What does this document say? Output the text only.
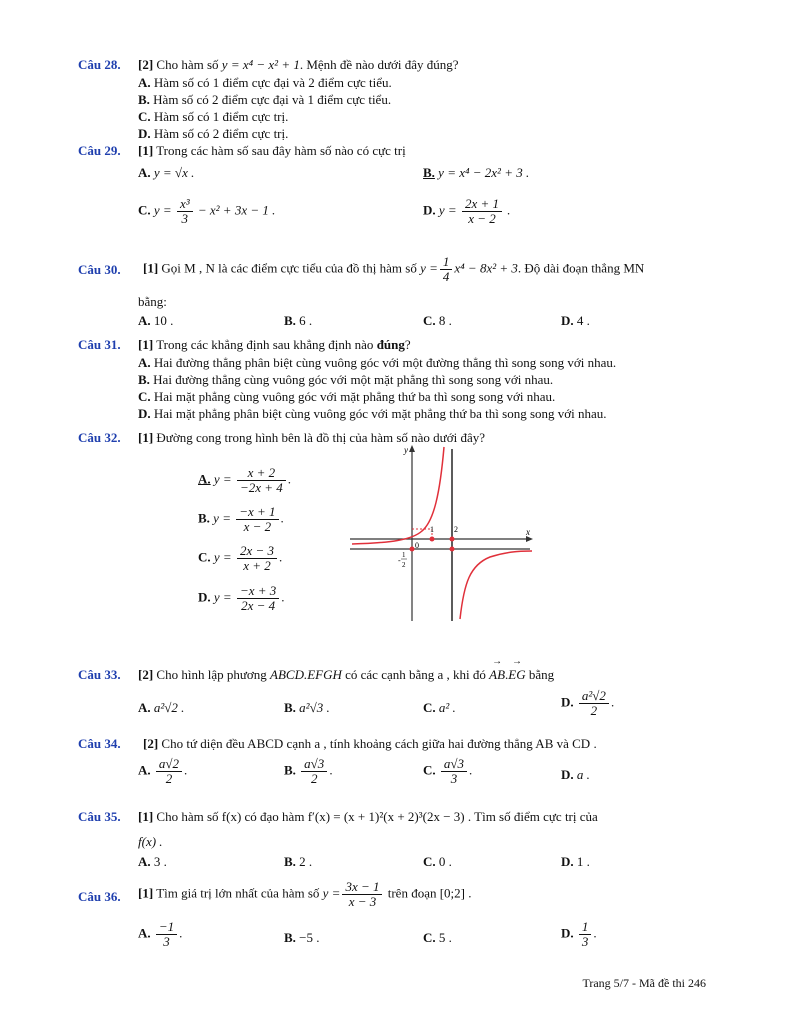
Câu 28. [2] Cho hàm số y = x⁴ − x² + 1. Mệnh đề nào dưới đây đúng?
A. Hàm số có 1 điểm cực đại và 2 điểm cực tiểu.
B. Hàm số có 2 điểm cực đại và 1 điểm cực tiểu.
C. Hàm số có 1 điểm cực trị.
D. Hàm số có 2 điểm cực trị.
Câu 29. [1] Trong các hàm số sau đây hàm số nào có cực trị
A. y = √x .	B. y = x⁴ − 2x² + 3 .
C. $y = \frac{\text{x³}}{3} - x^2 + 3x - 1$ .	D. $y = \frac{2x + 1}{x - 2}$ .
Câu 30. [1] Gọi M , N là các điểm cực tiểu của đồ thị hàm số $y = \frac{1}{4} x^4 - 8x^2 + 3$. Độ dài đoạn thẳng MN
bằng:
A. 10 .	B. 6 .	C. 8 .	D. 4 .
Câu 31. [1] Trong các khẳng định sau khẳng định nào đúng?
A. Hai đường thẳng phân biệt cùng vuông góc với một đường thẳng thì song song với nhau.
B. Hai đường thẳng cùng vuông góc với một mặt phẳng thì song song với nhau.
C. Hai mặt phẳng cùng vuông góc với mặt phẳng thứ ba thì song song với nhau.
D. Hai mặt phẳng phân biệt cùng vuông góc với mặt phẳng thứ ba thì song song với nhau.
Câu 32. [1] Đường cong trong hình bên là đồ thị của hàm số nào dưới đây?
A. $y = \frac{x + 2}{-2x + 4}$ .
B. $y = \frac{-x + 1}{x - 2}$ .
C. $y = \frac{2x - 3}{x + 2}$ .
D. $y = \frac{-x + 3}{2x - 4}$ .
y
x
1	2
0
-
1
2
Câu 33. [2] Cho hình lập phương ABCD.EFGH có các cạnh bằng a , khi đó → AB.→ EG bằng
A. a²√2 .	B. a²√3 .	C. a² .	D. $\frac{\text{a²√2}}{2}$ .
Câu 34. [2] Cho tứ diện đều ABCD cạnh a , tính khoảng cách giữa hai đường thẳng AB và CD .
A. $\frac{a√2}{2}$ .	B. $\frac{a√3}{2}$ .	C. $\frac{a√3}{3}$ .	D. a .
Câu 35. [1] Cho hàm số f(x) có đạo hàm f′(x) = (x + 1)²(x + 2)³(2x − 3) . Tìm số điểm cực trị của
f(x) .
A. 3 .	B. 2 .	C. 0 .	D. 1 .
Câu 36. [1] Tìm giá trị lớn nhất của hàm số $y = \frac{3x - 1}{x - 3}$ trên đoạn [0;2] .
A. $\frac{-1}{3}$ .	B. −5 .	C. 5 .	D. $\frac{1}{3}$ .
Trang 5/7 - Mã đề thi 246
